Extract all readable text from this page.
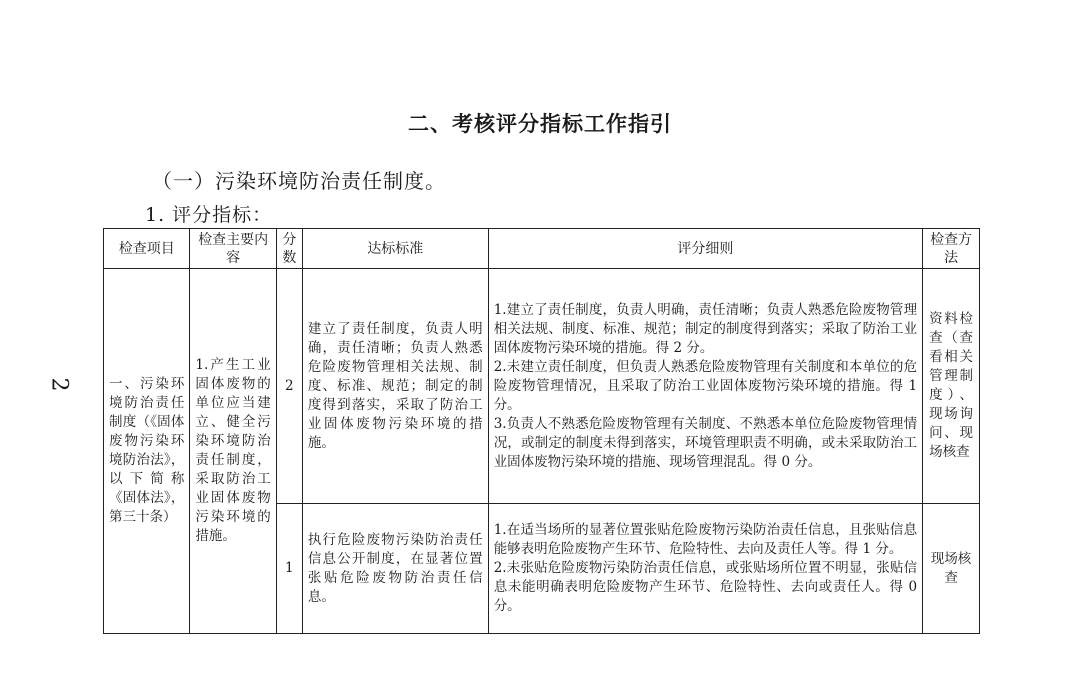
2
二、考核评分指标工作指引
（一）污染环境防治责任制度。
1. 评分指标：
检查项目	检查主要内容	分数	达标标准	评分细则	检查方法
一、污染环境防治责任制度（《固体废物污染环境防治法》，以下简称《固体法》，第三十条）	1.产生工业固体废物的单位应当建立、健全污染环境防治责任制度，采取防治工业固体废物污染环境的措施。	2	建立了责任制度，负责人明确，责任清晰；负责人熟悉危险废物管理相关法规、制度、标准、规范；制定的制度得到落实，采取了防治工业固体废物污染环境的措施。	1.建立了责任制度，负责人明确，责任清晰；负责人熟悉危险废物管理相关法规、制度、标准、规范；制定的制度得到落实；采取了防治工业固体废物污染环境的措施。得 2 分。
2.未建立责任制度，但负责人熟悉危险废物管理有关制度和本单位的危险废物管理情况，且采取了防治工业固体废物污染环境的措施。得 1 分。
3.负责人不熟悉危险废物管理有关制度、不熟悉本单位危险废物管理情况，或制定的制度未得到落实，环境管理职责不明确，或未采取防治工业固体废物污染环境的措施、现场管理混乱。得 0 分。	资料检查（查看相关管理制度）、现场询问、现场核查
		1	执行危险废物污染防治责任信息公开制度，在显著位置张贴危险废物防治责任信息。	1.在适当场所的显著位置张贴危险废物污染防治责任信息，且张贴信息能够表明危险废物产生环节、危险特性、去向及责任人等。得 1 分。
2.未张贴危险废物污染防治责任信息，或张贴场所位置不明显，张贴信息未能明确表明危险废物产生环节、危险特性、去向或责任人。得 0 分。	现场核查
